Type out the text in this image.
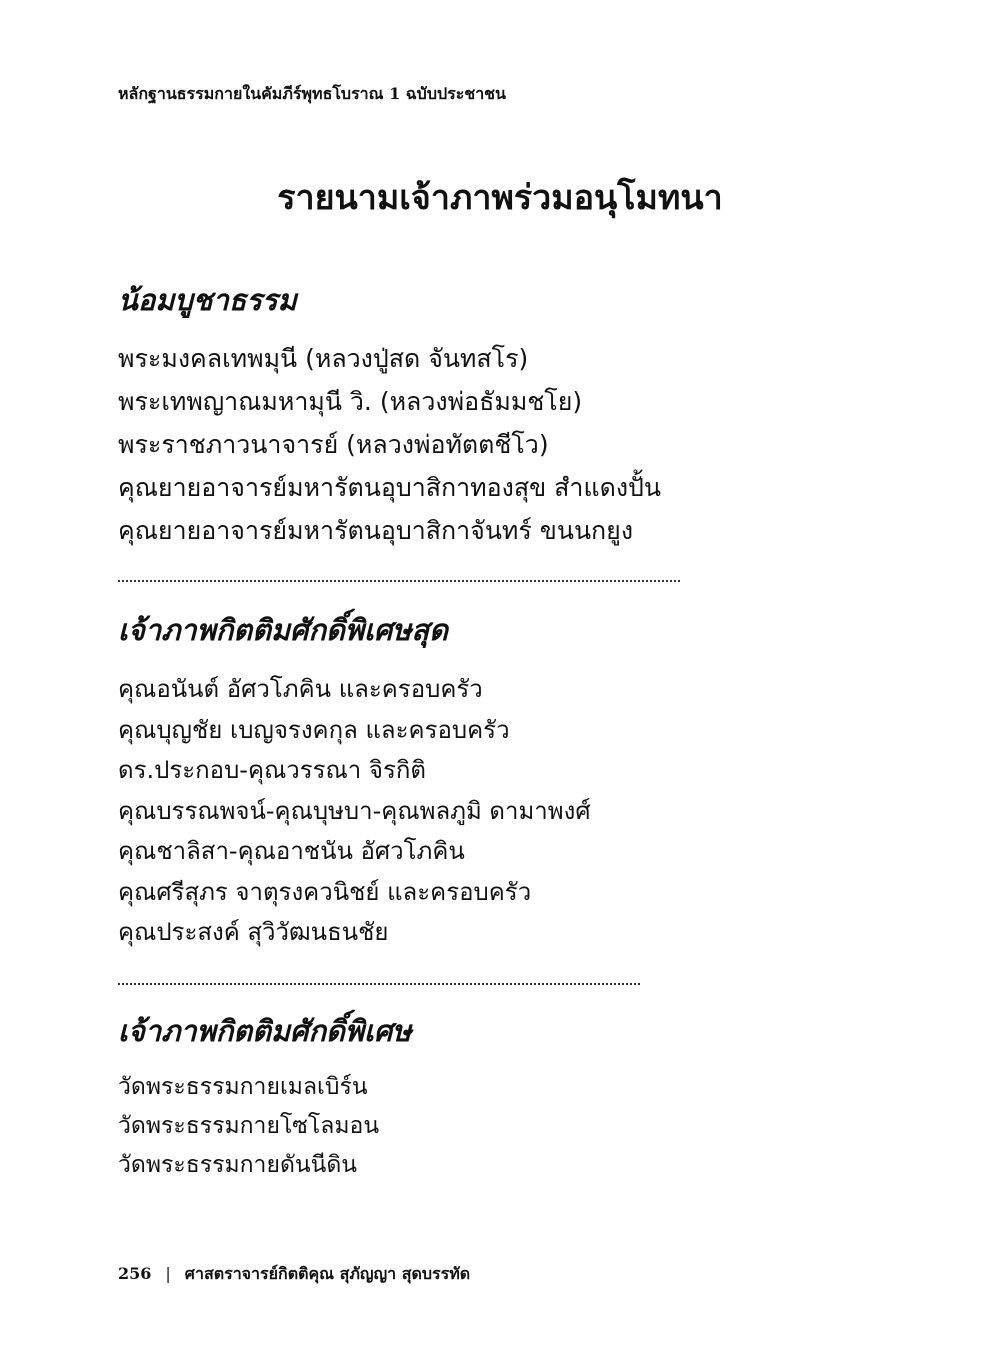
หลักฐานธรรมกายในคัมภีร์พุทธโบราณ 1 ฉบับประชาชน
รายนามเจ้าภาพร่วมอนุโมทนา
น้อมบูชาธรรม
พระมงคลเทพมุนี (หลวงปู่สด จันทสโร)
พระเทพญาณมหามุนี วิ. (หลวงพ่อธัมมชโย)
พระราชภาวนาจารย์ (หลวงพ่อทัตตชีโว)
คุณยายอาจารย์มหารัตนอุบาสิกาทองสุข สำแดงปั้น
คุณยายอาจารย์มหารัตนอุบาสิกาจันทร์ ขนนกยูง
เจ้าภาพกิตติมศักดิ์พิเศษสุด
คุณอนันต์ อัศวโภคิน และครอบครัว
คุณบุญชัย เบญจรงคกุล และครอบครัว
ดร.ประกอบ-คุณวรรณา จิรกิติ
คุณบรรณพจน์-คุณบุษบา-คุณพลภูมิ ดามาพงศ์
คุณชาลิสา-คุณอาชนัน อัศวโภคิน
คุณศรีสุภร จาตุรงควนิชย์ และครอบครัว
คุณประสงค์ สุวิวัฒนธนชัย
เจ้าภาพกิตติมศักดิ์พิเศษ
วัดพระธรรมกายเมลเบิร์น
วัดพระธรรมกายโซโลมอน
วัดพระธรรมกายดันนีดิน
256 | ศาสตราจารย์กิตติคุณ สุภัญญา สุดบรรทัด
